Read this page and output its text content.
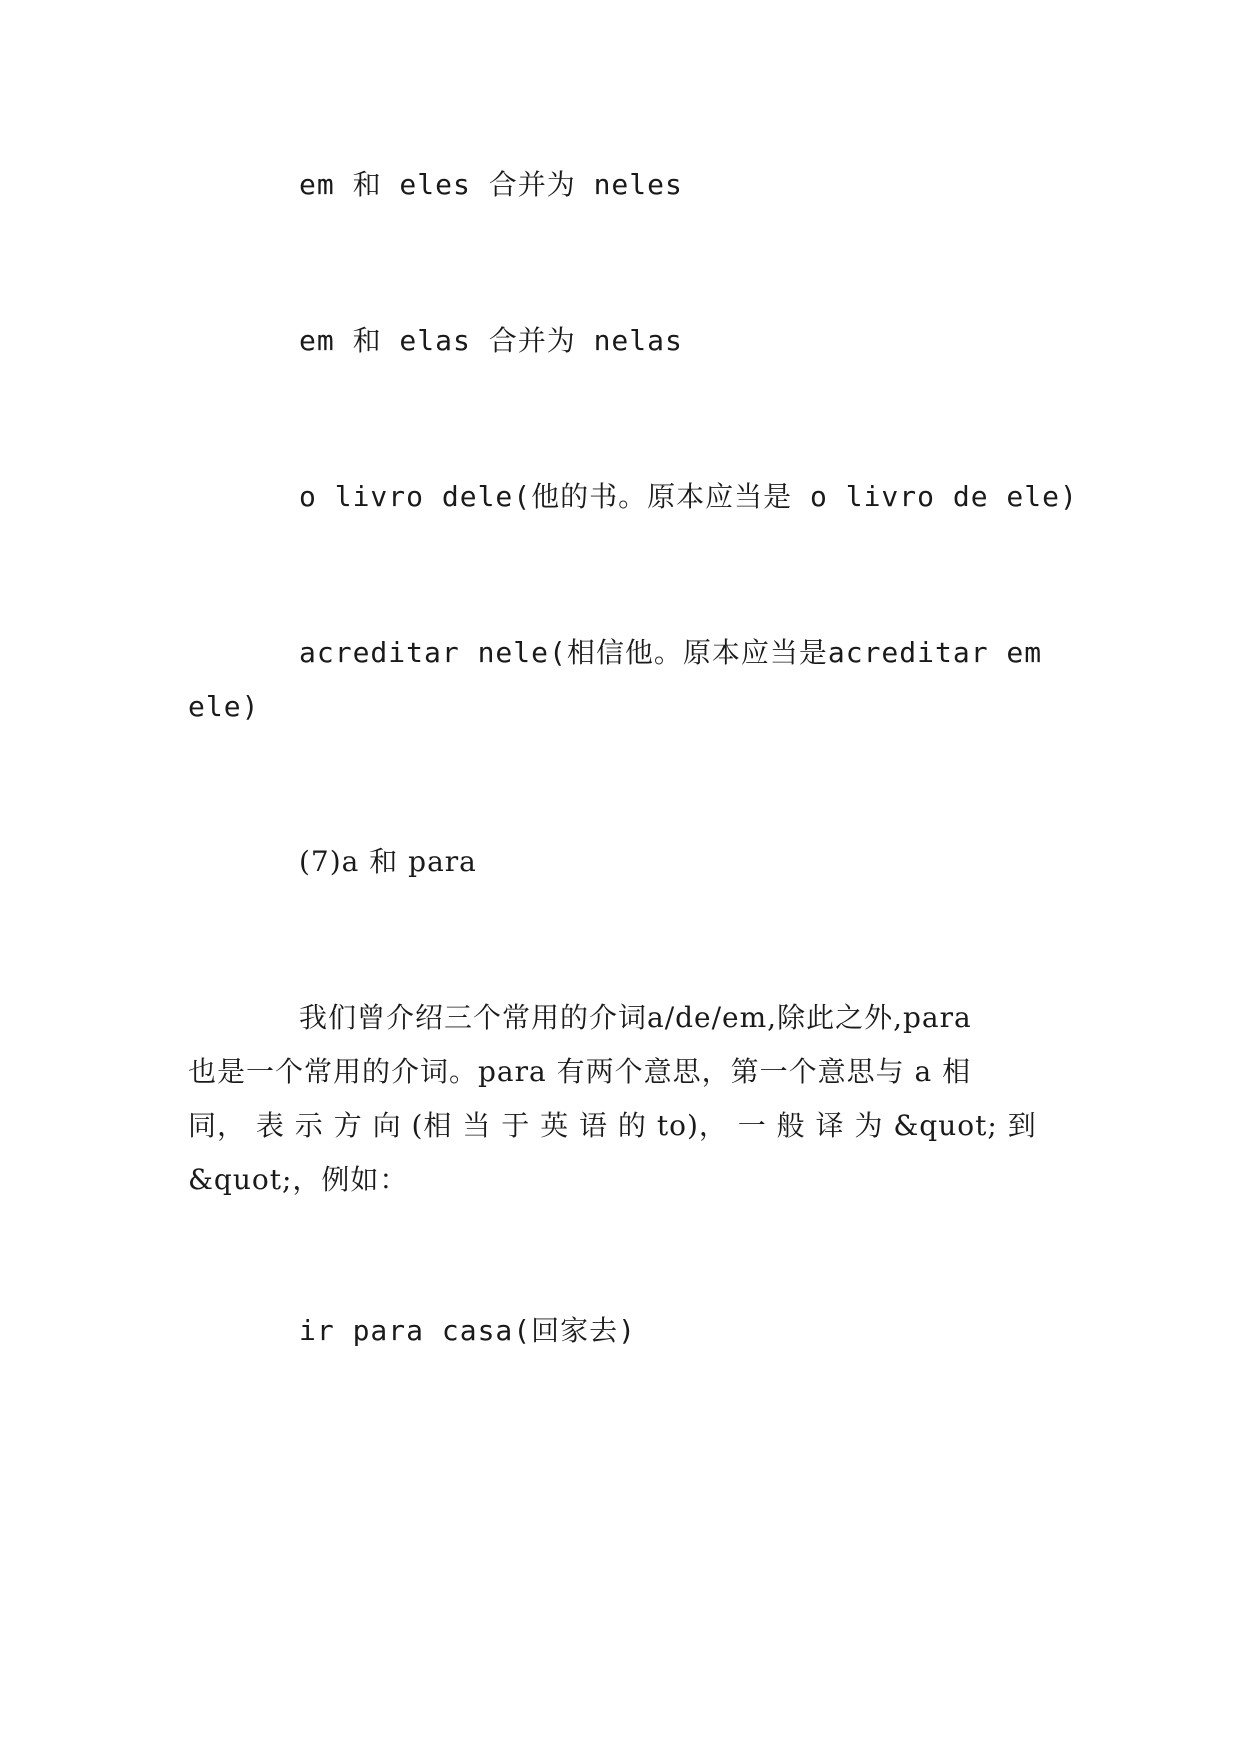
em 和 eles 合并为 neles

em 和 elas 合并为 nelas

o livro dele(他的书。原本应当是 o livro de ele)

acreditar nele(相信他。原本应当是acreditar em
ele)

(7)a 和 para

我们曾介绍三个常用的介词a/de/em,除此之外,para
也是一个常用的介词。para 有两个意思，第一个意思与 a 相
同， 表 示 方 向 (相 当 于 英 语 的 to)， 一 般 译 为 &quot; 到
&quot;，例如：

ir para casa(回家去)
